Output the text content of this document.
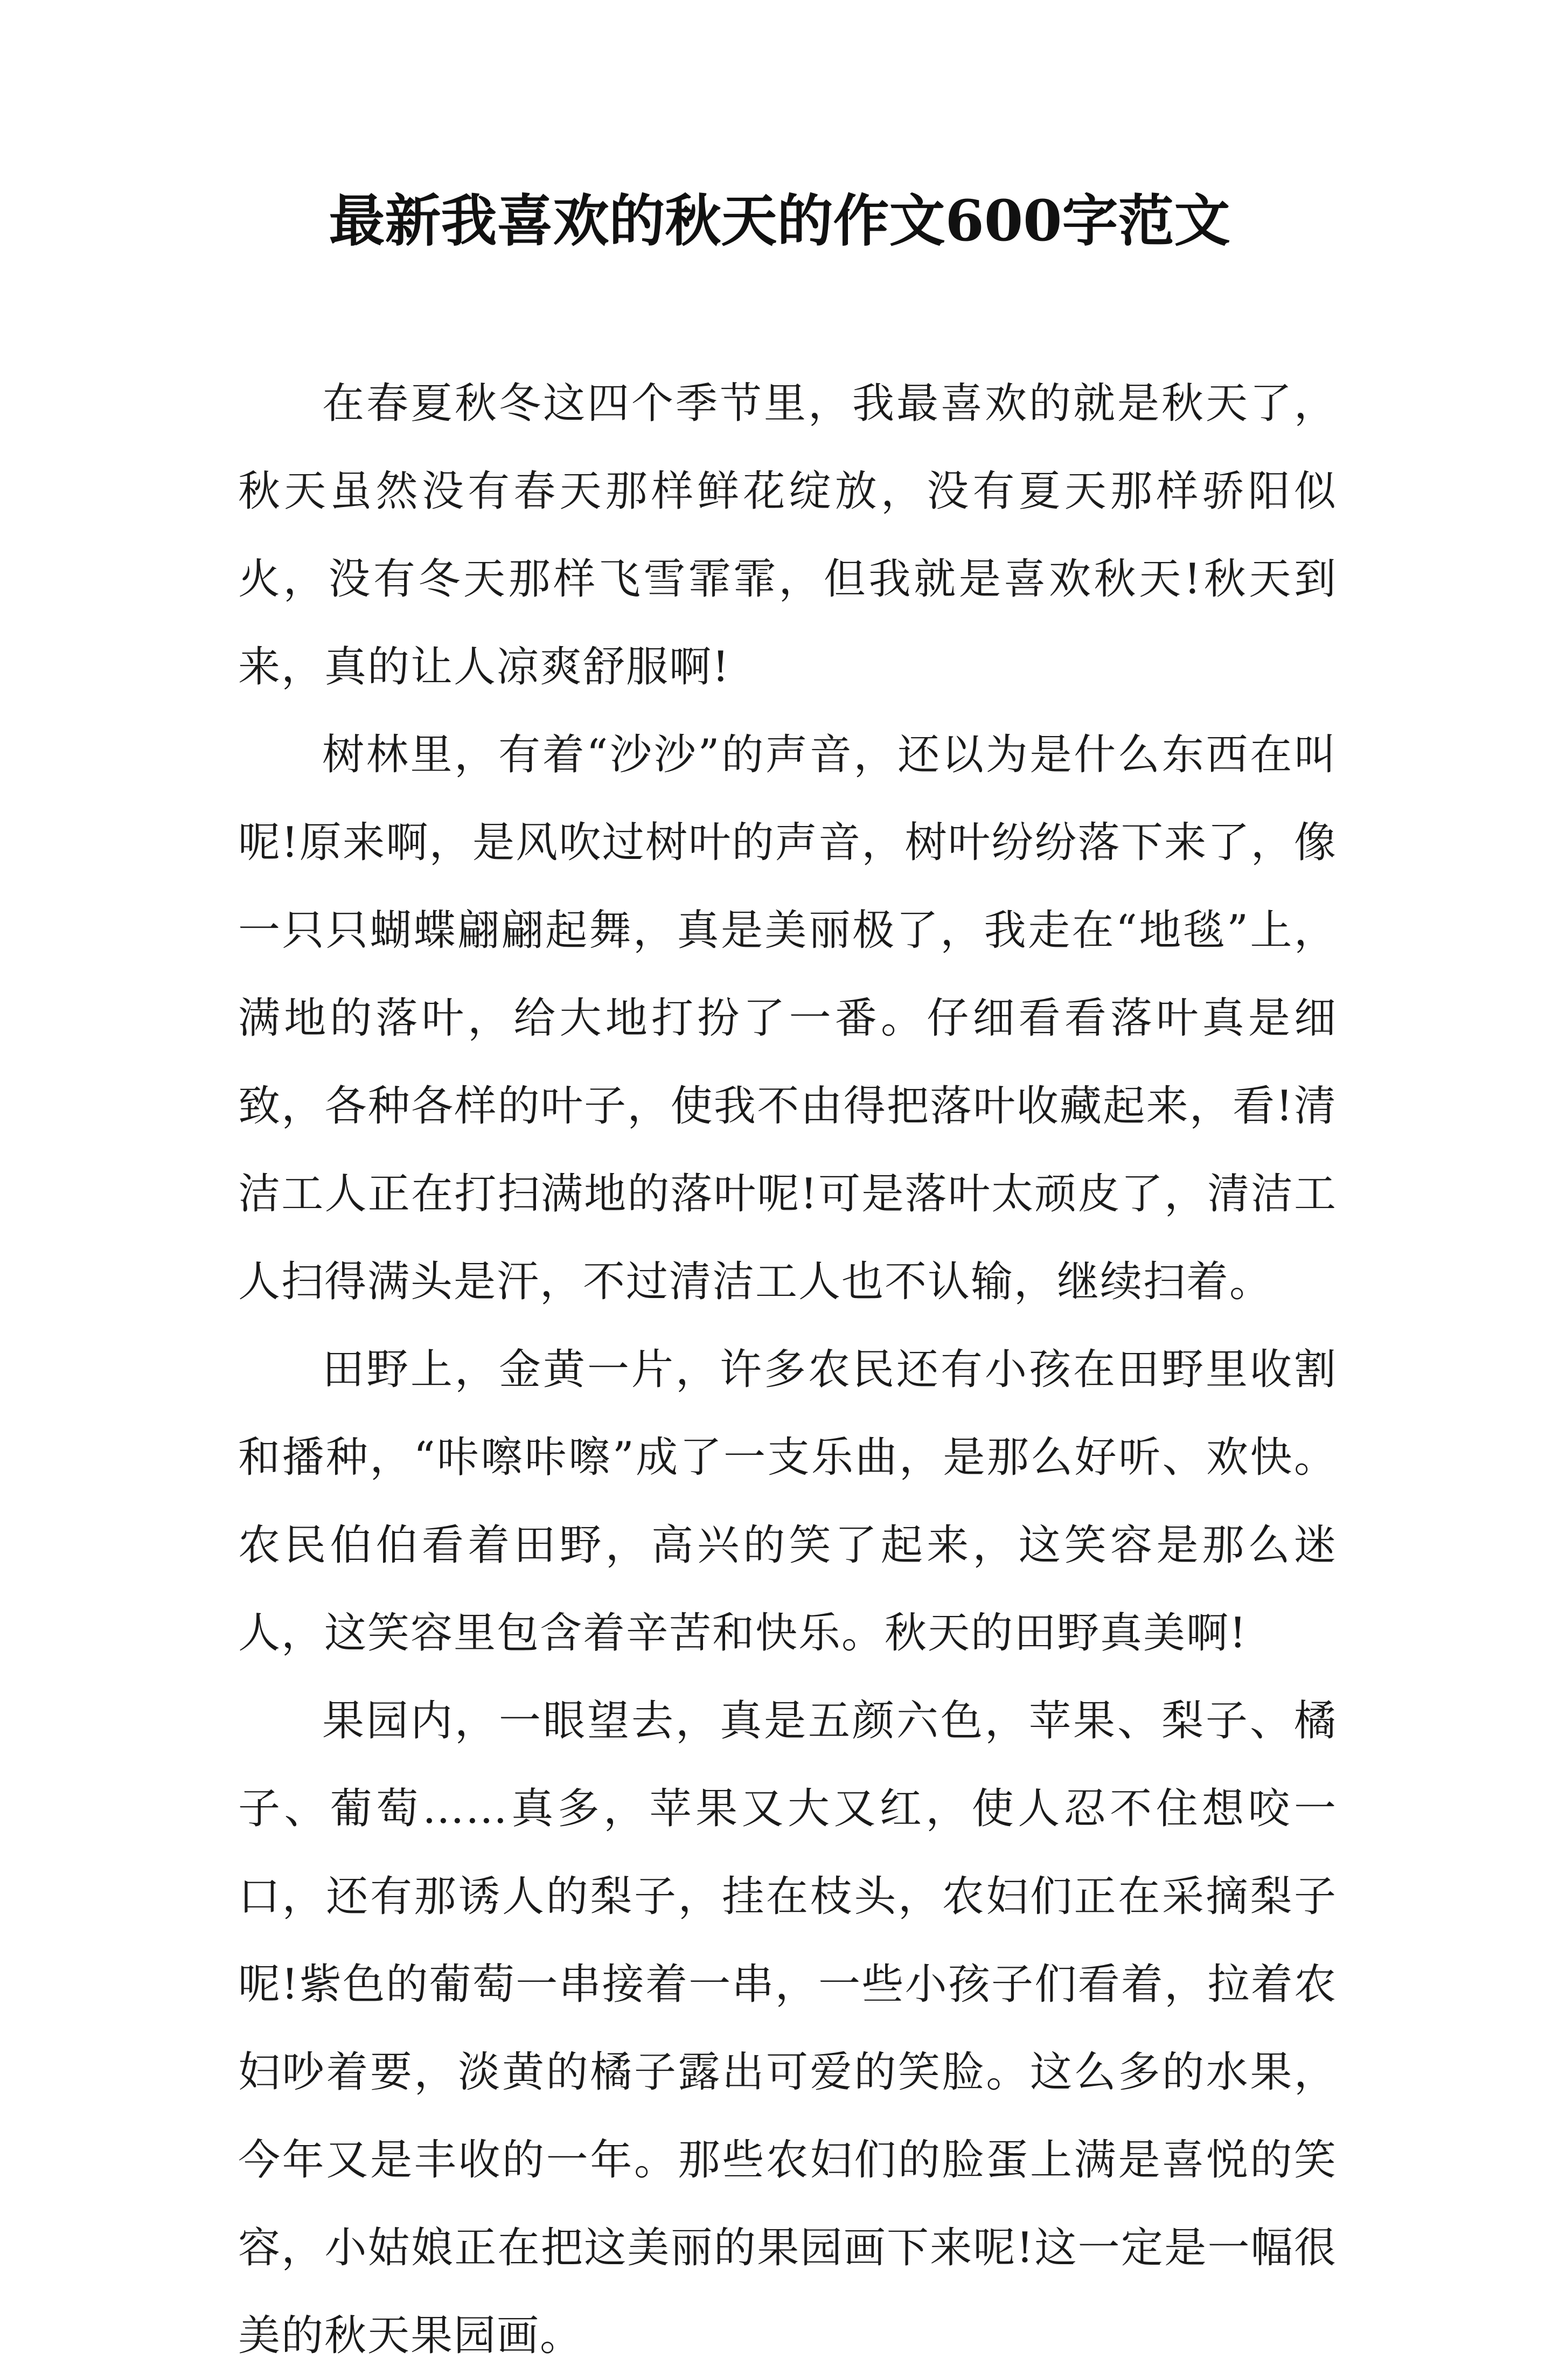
最新我喜欢的秋天的作文600字范文

在春夏秋冬这四个季节里，我最喜欢的就是秋天了，秋天虽然没有春天那样鲜花绽放，没有夏天那样骄阳似火，没有冬天那样飞雪霏霏，但我就是喜欢秋天!秋天到来，真的让人凉爽舒服啊!

树林里，有着“沙沙”的声音，还以为是什么东西在叫呢!原来啊，是风吹过树叶的声音，树叶纷纷落下来了，像一只只蝴蝶翩翩起舞，真是美丽极了，我走在“地毯”上，满地的落叶，给大地打扮了一番。仔细看看落叶真是细致，各种各样的叶子，使我不由得把落叶收藏起来，看!清洁工人正在打扫满地的落叶呢!可是落叶太顽皮了，清洁工人扫得满头是汗，不过清洁工人也不认输，继续扫着。

田野上，金黄一片，许多农民还有小孩在田野里收割和播种，“咔嚓咔嚓”成了一支乐曲，是那么好听、欢快。农民伯伯看着田野，高兴的笑了起来，这笑容是那么迷人，这笑容里包含着辛苦和快乐。秋天的田野真美啊!

果园内，一眼望去，真是五颜六色，苹果、梨子、橘子、葡萄……真多，苹果又大又红，使人忍不住想咬一口，还有那诱人的梨子，挂在枝头，农妇们正在采摘梨子呢!紫色的葡萄一串接着一串，一些小孩子们看着，拉着农妇吵着要，淡黄的橘子露出可爱的笑脸。这么多的水果，今年又是丰收的一年。那些农妇们的脸蛋上满是喜悦的笑容，小姑娘正在把这美丽的果园画下来呢!这一定是一幅很美的秋天果园画。
